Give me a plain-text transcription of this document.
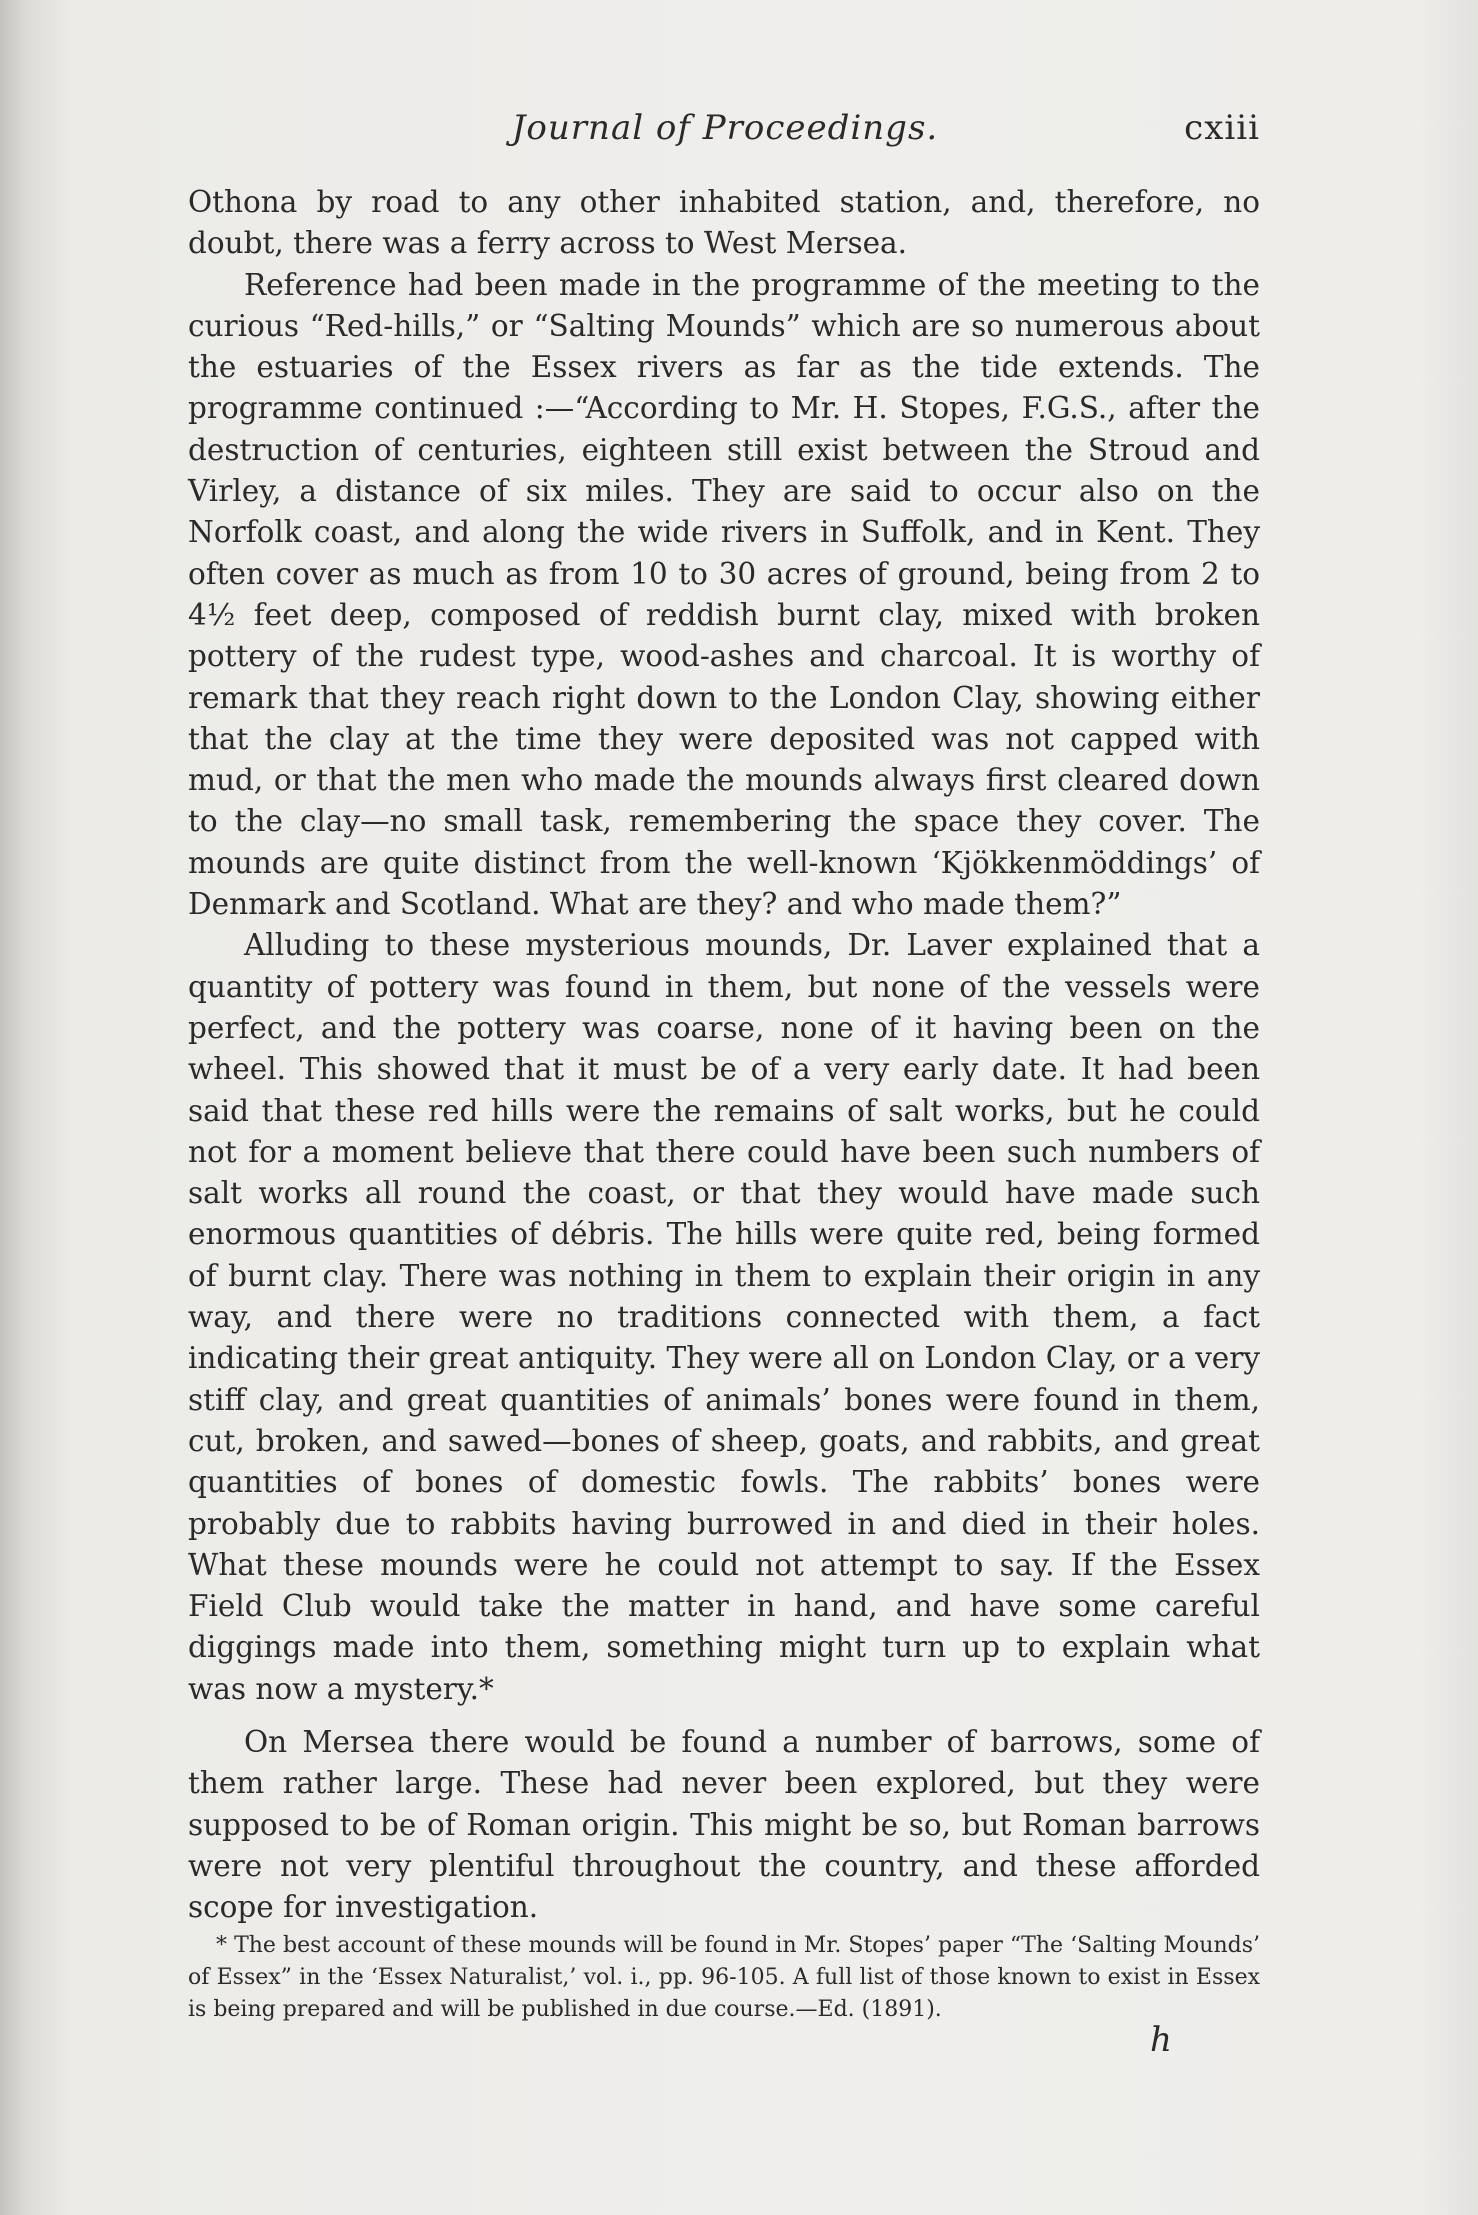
Journal of Proceedings.	cxiii

Othona by road to any other inhabited station, and, therefore, no doubt, there was a ferry across to West Mersea.

Reference had been made in the programme of the meeting to the curious “Red-hills,” or “Salting Mounds” which are so numerous about the estuaries of the Essex rivers as far as the tide extends. The programme continued :—“According to Mr. H. Stopes, F.G.S., after the destruction of centuries, eighteen still exist between the Stroud and Virley, a distance of six miles. They are said to occur also on the Norfolk coast, and along the wide rivers in Suffolk, and in Kent. They often cover as much as from 10 to 30 acres of ground, being from 2 to 4½ feet deep, composed of reddish burnt clay, mixed with broken pottery of the rudest type, wood-ashes and charcoal. It is worthy of remark that they reach right down to the London Clay, showing either that the clay at the time they were deposited was not capped with mud, or that the men who made the mounds always first cleared down to the clay—no small task, remembering the space they cover. The mounds are quite distinct from the well-known ‘Kjökkenmöddings’ of Denmark and Scotland. What are they? and who made them?”

Alluding to these mysterious mounds, Dr. Laver explained that a quantity of pottery was found in them, but none of the vessels were perfect, and the pottery was coarse, none of it having been on the wheel. This showed that it must be of a very early date. It had been said that these red hills were the remains of salt works, but he could not for a moment believe that there could have been such numbers of salt works all round the coast, or that they would have made such enormous quantities of débris. The hills were quite red, being formed of burnt clay. There was nothing in them to explain their origin in any way, and there were no traditions connected with them, a fact indicating their great antiquity. They were all on London Clay, or a very stiff clay, and great quantities of animals’ bones were found in them, cut, broken, and sawed—bones of sheep, goats, and rabbits, and great quantities of bones of domestic fowls. The rabbits’ bones were probably due to rabbits having burrowed in and died in their holes. What these mounds were he could not attempt to say. If the Essex Field Club would take the matter in hand, and have some careful diggings made into them, something might turn up to explain what was now a mystery.*

On Mersea there would be found a number of barrows, some of them rather large. These had never been explored, but they were supposed to be of Roman origin. This might be so, but Roman barrows were not very plentiful throughout the country, and these afforded scope for investigation.

* The best account of these mounds will be found in Mr. Stopes’ paper “The ‘Salting Mounds’ of Essex” in the ‘Essex Naturalist,’ vol. i., pp. 96-105. A full list of those known to exist in Essex is being prepared and will be published in due course.—Ed. (1891).

h
